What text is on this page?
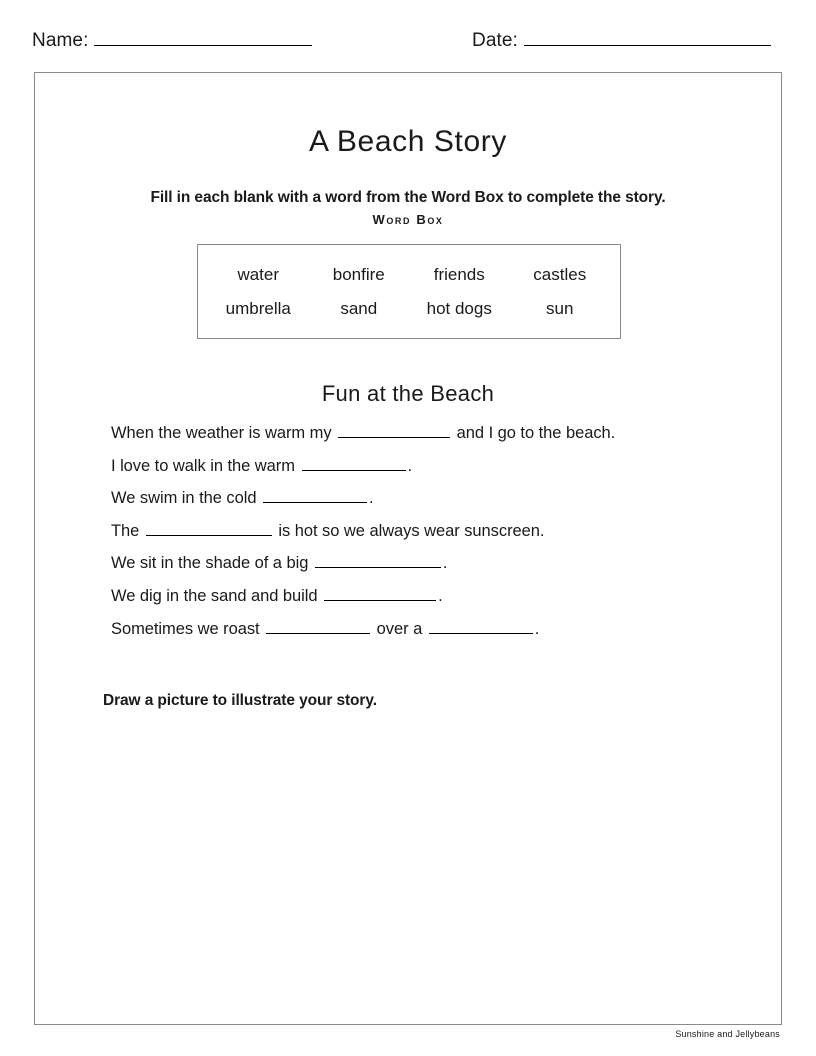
Name:	Date:
A Beach Story

Fill in each blank with a word from the Word Box to complete the story.

Word Box
water	bonfire	friends	castles
umbrella	sand	hot dogs	sun
Fun at the Beach
When the weather is warm my	and I go to the beach.
I love to walk in the warm	.
We swim in the cold	.
The	is hot so we always wear sunscreen.
We sit in the shade of a big	.
We dig in the sand and build	.
Sometimes we roast	over a	.

Draw a picture to illustrate your story.

Sunshine and Jellybeans
